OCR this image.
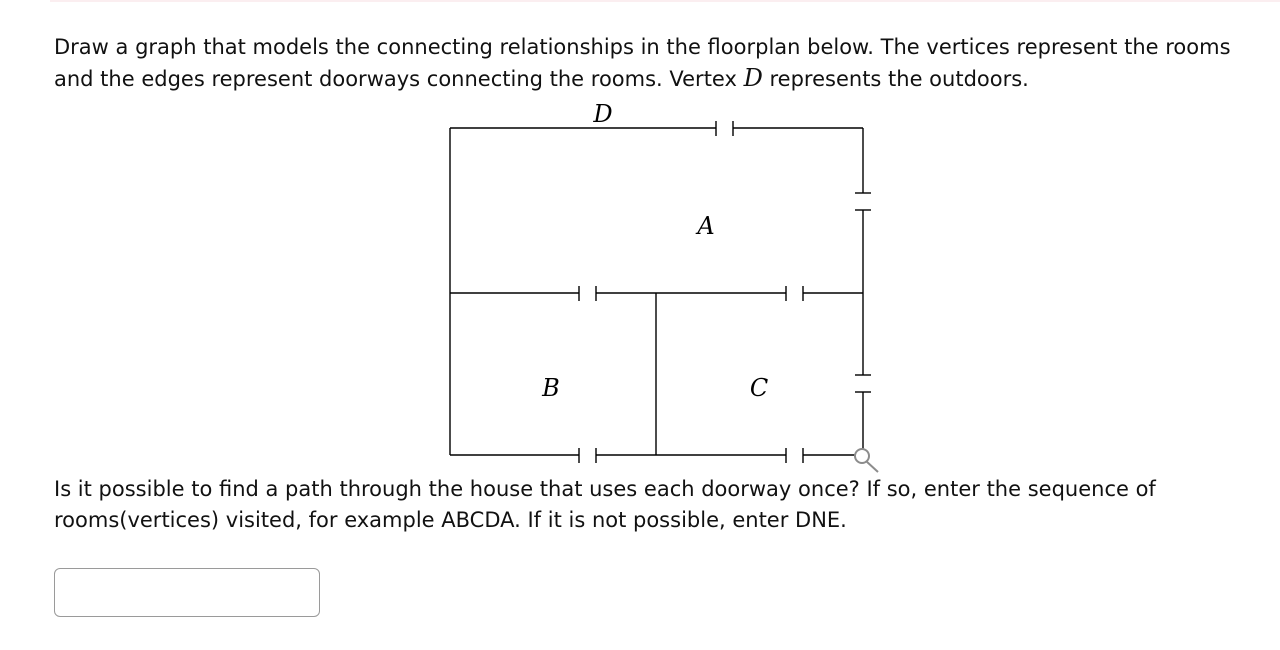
Draw a graph that models the connecting relationships in the floorplan below. The vertices represent the rooms and the edges represent doorways connecting the rooms. Vertex D represents the outdoors.

D
A
B	C

Is it possible to find a path through the house that uses each doorway once? If so, enter the sequence of rooms(vertices) visited, for example ABCDA. If it is not possible, enter DNE.
